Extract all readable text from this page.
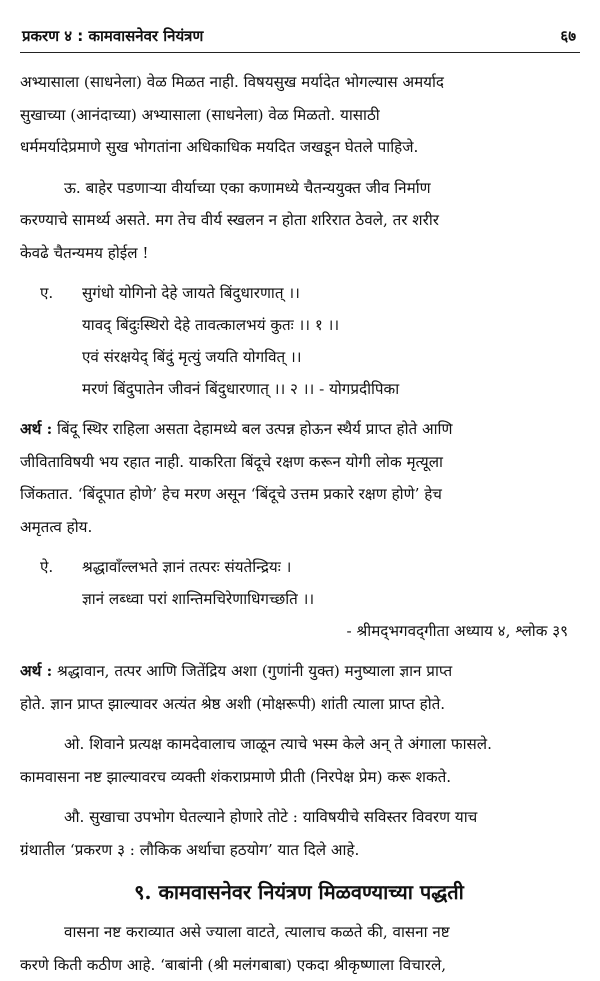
प्रकरण ४ : कामवासनेवर नियंत्रण	६७

अभ्यासाला (साधनेला) वेळ मिळत नाही. विषयसुख मर्यादेत भोगल्यास अमर्याद

सुखाच्या (आनंदाच्या) अभ्यासाला (साधनेला) वेळ मिळतो. यासाठी

धर्ममर्यादेप्रमाणे सुख भोगतांना अधिकाधिक मयदित जखडून घेतले पाहिजे.

ऊ. बाहेर पडणाऱ्या वीर्याच्या एका कणामध्ये चैतन्ययुक्त जीव निर्माण

करण्याचे सामर्थ्य असते. मग तेच वीर्य स्खलन न होता शरिरात ठेवले, तर शरीर

केवढे चैतन्यमय होईल !

ए.	सुगंधो योगिनो देहे जायते बिंदुधारणात् ।।
यावद् बिंदुःस्थिरो देहे तावत्कालभयं कुतः ।। १ ।।
एवं संरक्षयेद् बिंदुं मृत्युं जयति योगवित् ।।
मरणं बिंदुपातेन जीवनं बिंदुधारणात् ।। २ ।। - योगप्रदीपिका

अर्थ : बिंदू स्थिर राहिला असता देहामध्ये बल उत्पन्न होऊन स्थैर्य प्राप्त होते आणि

जीविताविषयी भय रहात नाही. याकरिता बिंदूचे रक्षण करून योगी लोक मृत्यूला

जिंकतात. ‘बिंदूपात होणे’ हेच मरण असून ‘बिंदूचे उत्तम प्रकारे रक्षण होणे’ हेच

अमृतत्व होय.

ऐ.	श्रद्धावाँल्लभते ज्ञानं तत्परः संयतेन्द्रियः ।
ज्ञानं लब्ध्वा परां शान्तिमचिरेणाधिगच्छति ।।
- श्रीमद्‌भगवद्‌गीता अध्याय ४, श्लोक ३९

अर्थ : श्रद्धावान, तत्पर आणि जितेंद्रिय अशा (गुणांनी युक्त) मनुष्याला ज्ञान प्राप्त

होते. ज्ञान प्राप्त झाल्यावर अत्यंत श्रेष्ठ अशी (मोक्षरूपी) शांती त्याला प्राप्त होते.

ओ. शिवाने प्रत्यक्ष कामदेवालाच जाळून त्याचे भस्म केले अन् ते अंगाला फासले.

कामवासना नष्ट झाल्यावरच व्यक्ती शंकराप्रमाणे प्रीती (निरपेक्ष प्रेम) करू शकते.

औ. सुखाचा उपभोग घेतल्याने होणारे तोटे : याविषयीचे सविस्तर विवरण याच

ग्रंथातील ‘प्रकरण ३ : लौकिक अर्थाचा हठयोग’ यात दिले आहे.

९. कामवासनेवर नियंत्रण मिळवण्याच्या पद्धती

वासना नष्ट कराव्यात असे ज्याला वाटते, त्यालाच कळते की, वासना नष्ट

करणे किती कठीण आहे. ‘बाबांनी (श्री मलंगबाबा) एकदा श्रीकृष्णाला विचारले,
